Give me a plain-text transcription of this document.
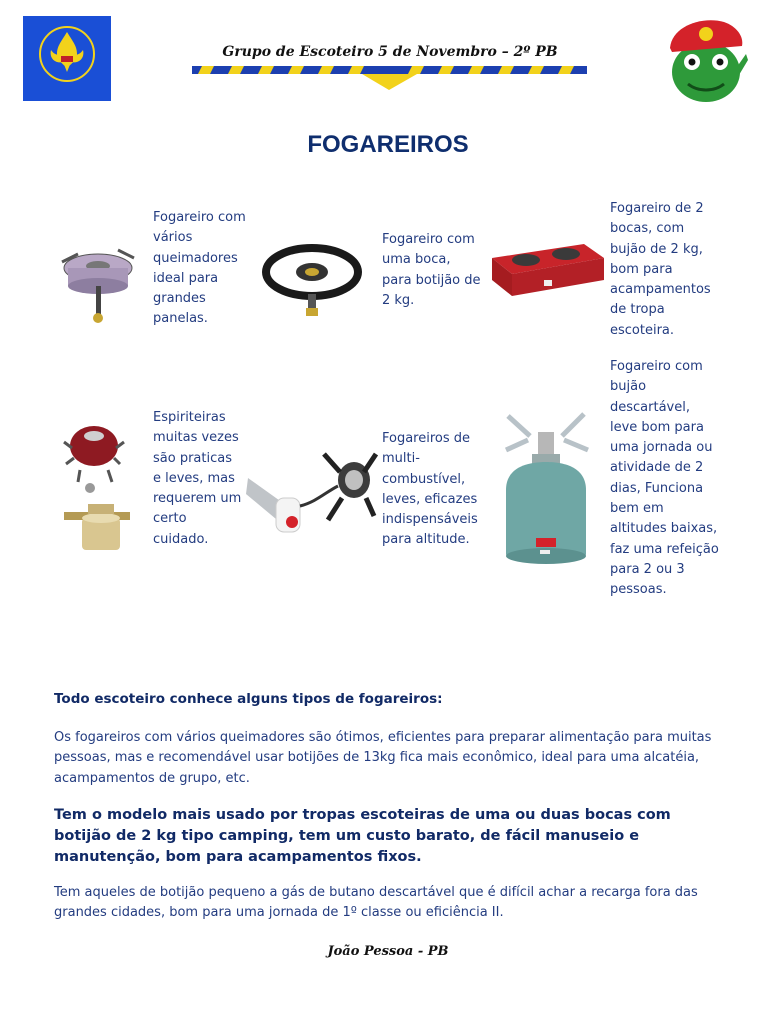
Grupo de Escoteiro 5 de Novembro – 2º PB
FOGAREIROS
Fogareiro com vários queimadores ideal para grandes panelas.
Fogareiro com uma boca, para botijão de 2 kg.
Fogareiro de 2 bocas, com bujão de 2 kg, bom para acampamentos de tropa escoteira.
Espiriteiras muitas vezes são praticas e leves, mas requerem um certo cuidado.
Fogareiros de multi-combustível, leves, eficazes indispensáveis para altitude.
Fogareiro com bujão descartável, leve bom para uma jornada ou atividade de 2 dias, Funciona bem em altitudes baixas, faz uma refeição para 2 ou 3 pessoas.
Todo escoteiro conhece alguns tipos de fogareiros:
Os fogareiros com vários queimadores são ótimos, eficientes para preparar alimentação para muitas pessoas, mas e recomendável usar botijões de 13kg fica mais econômico, ideal para uma alcatéia, acampamentos de grupo, etc.
Tem o modelo mais usado por tropas escoteiras de uma ou duas bocas com botijão de 2 kg tipo camping, tem um custo barato, de fácil manuseio e manutenção, bom para acampamentos fixos.
Tem aqueles de botijão pequeno a gás de butano descartável que é difícil achar a recarga fora das grandes cidades, bom para uma jornada de 1º classe ou eficiência II.
João Pessoa - PB
